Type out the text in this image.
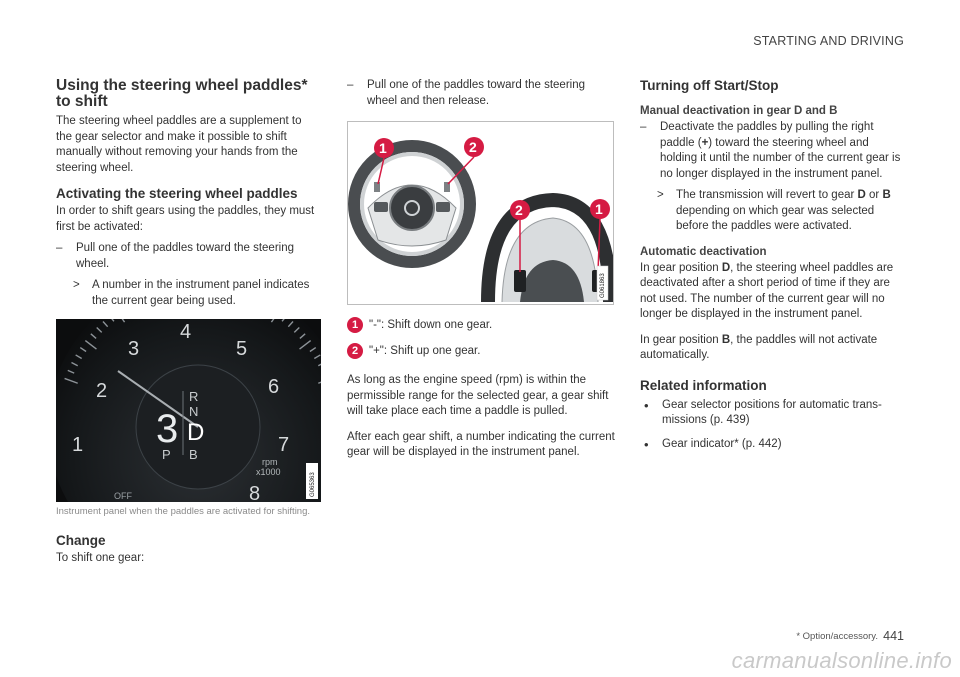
STARTING AND DRIVING
Using the steering wheel paddles* to shift

The steering wheel paddles are a supplement to the gear selector and make it possible to shift manually without removing your hands from the steering wheel.

Activating the steering wheel paddles

In order to shift gears using the paddles, they must first be activated:

– Pull one of the paddles toward the steering wheel.
> A number in the instrument panel indicates the current gear being used.
1
2
3
4
5
6
7
8
OFF
3
R
N
D
P B	rpm
x1000
G065363
Instrument panel when the paddles are activated for shifting.
Change

To shift one gear:

– Pull one of the paddles toward the steering wheel and then release.
1	2
2	1
G061863
1 "-": Shift down one gear.
2 "+": Shift up one gear.

As long as the engine speed (rpm) is within the permissible range for the selected gear, a gear shift will take place each time a paddle is pulled.

After each gear shift, a number indicating the current gear will be displayed in the instrument panel.

Turning off Start/Stop
Manual deactivation in gear D and B
– Deactivate the paddles by pulling the right paddle (+) toward the steering wheel and holding it until the number of the current gear is no longer displayed in the instrument panel.
> The transmission will revert to gear D or B depending on which gear was selected before the paddles were activated.
Automatic deactivation

In gear position D, the steering wheel paddles are deactivated after a short period of time if they are not used. The number of the current gear will no longer be displayed in the instrument panel.

In gear position B, the paddles will not activate automatically.

Related information
• Gear selector positions for automatic transmissions (p. 439)
• Gear indicator* (p. 442)
* Option/accessory. 441
carmanualsonline.info
